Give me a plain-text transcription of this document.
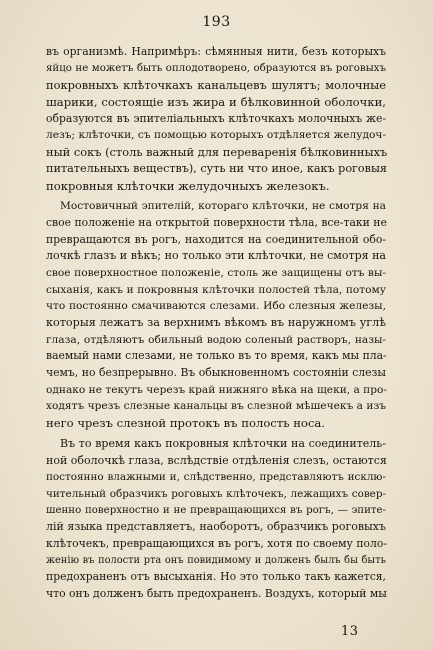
193
въ организмѣ. Напримѣръ: сѣмянныя нити, безъ которыхъ
яйцо не можетъ быть оплодотворено, образуются въ роговыхъ
покровныхъ клѣточкахъ канальцевъ шулятъ; молочные
шарики, состоящіе изъ жира и бѣлковинной оболочки,
образуются въ эпителіальныхъ клѣточкахъ молочныхъ же-
лезъ; клѣточки, съ помощью которыхъ отдѣляется желудоч-
ный сокъ (столь важный для переваренія бѣлковинныхъ
питательныхъ веществъ), суть ни что иное, какъ роговыя
покровныя клѣточки желудочныхъ железокъ.
Мостовичный эпителій, котораго клѣточки, не смотря на
свое положеніе на открытой поверхности тѣла, все-таки не
превращаются въ рогъ, находится на соединительной обо-
лочкѣ глазъ и вѣкъ; но только эти клѣточки, не смотря на
свое поверхностное положеніе, столь же защищены отъ вы-
сыханія, какъ и покровныя клѣточки полостей тѣла, потому
что постоянно смачиваются слезами. Ибо слезныя железы,
которыя лежатъ за верхнимъ вѣкомъ въ наружномъ углѣ
глаза, отдѣляютъ обильный водою соленый растворъ, назы-
ваемый нами слезами, не только въ то время, какъ мы пла-
чемъ, но безпрерывно. Въ обыкновенномъ состояніи слезы
однако не текутъ черезъ край нижняго вѣка на щеки, а про-
ходятъ чрезъ слезные канальцы въ слезной мѣшечекъ а изъ
него чрезъ слезной протокъ въ полость носа.
Въ то время какъ покровныя клѣточки на соединитель-
ной оболочкѣ глаза, вслѣдствіе отдѣленія слезъ, остаются
постоянно влажными и, слѣдственно, представляютъ исклю-
чительный образчикъ роговыхъ клѣточекъ, лежащихъ совер-
шенно поверхностно и не превращающихся въ рогъ, — эпите-
лій языка представляетъ, наоборотъ, образчикъ роговыхъ
клѣточекъ, превращающихся въ рогъ, хотя по своему поло-
женію въ полости рта онъ повидимому и долженъ былъ бы быть
предохраненъ отъ высыханія. Но это только такъ кажется,
что онъ долженъ быть предохраненъ. Воздухъ, который мы
13
